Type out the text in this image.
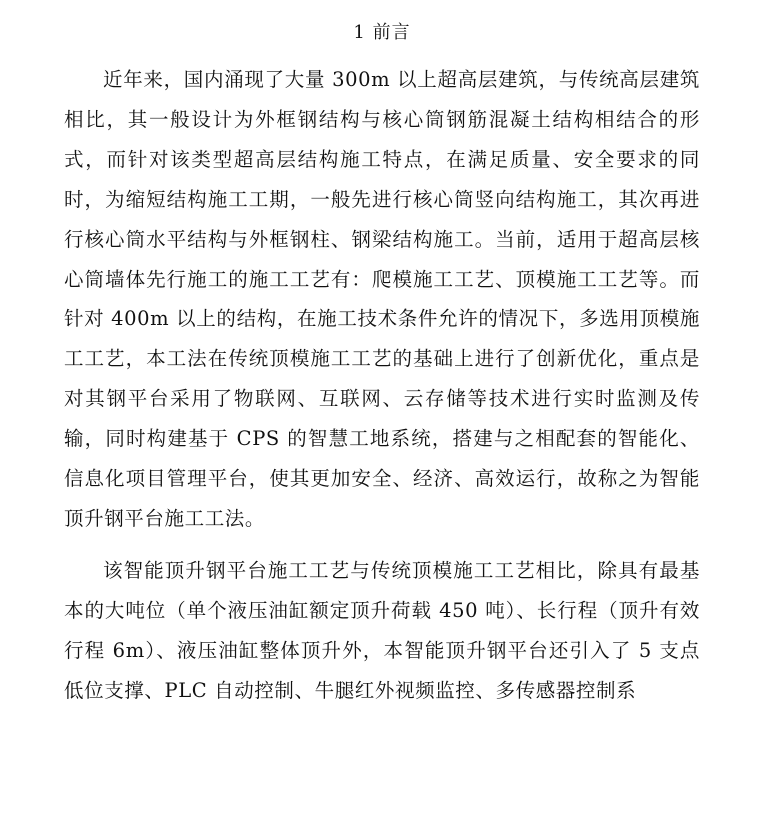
1 前言

近年来，国内涌现了大量 300m 以上超高层建筑，与传统高层建筑相比，其一般设计为外框钢结构与核心筒钢筋混凝土结构相结合的形式，而针对该类型超高层结构施工特点，在满足质量、安全要求的同时，为缩短结构施工工期，一般先进行核心筒竖向结构施工，其次再进行核心筒水平结构与外框钢柱、钢梁结构施工。当前，适用于超高层核心筒墙体先行施工的施工工艺有：爬模施工工艺、顶模施工工艺等。而针对 400m 以上的结构，在施工技术条件允许的情况下，多选用顶模施工工艺，本工法在传统顶模施工工艺的基础上进行了创新优化，重点是对其钢平台采用了物联网、互联网、云存储等技术进行实时监测及传输，同时构建基于 CPS 的智慧工地系统，搭建与之相配套的智能化、信息化项目管理平台，使其更加安全、经济、高效运行，故称之为智能顶升钢平台施工工法。

该智能顶升钢平台施工工艺与传统顶模施工工艺相比，除具有最基本的大吨位（单个液压油缸额定顶升荷载 450 吨）、长行程（顶升有效行程 6m）、液压油缸整体顶升外，本智能顶升钢平台还引入了 5 支点低位支撑、PLC 自动控制、牛腿红外视频监控、多传感器控制系
